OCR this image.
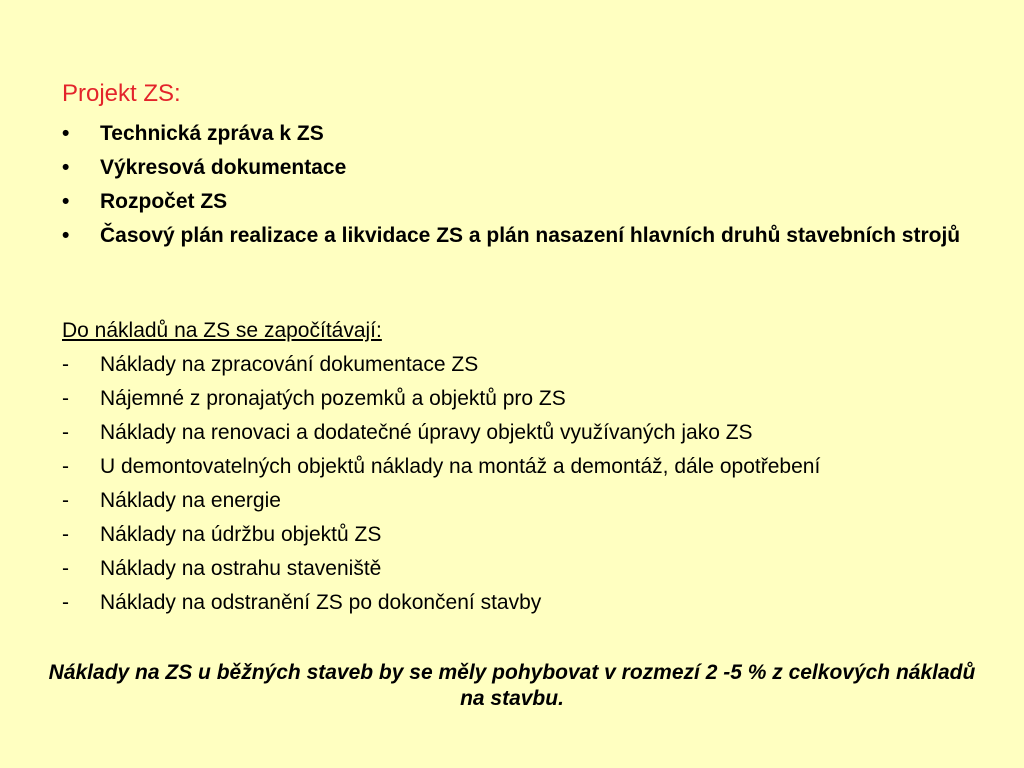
Projekt ZS:
•	Technická zpráva k ZS
•	Výkresová dokumentace
•	Rozpočet ZS
•	Časový plán realizace a likvidace ZS a plán nasazení hlavních druhů stavebních strojů
Do nákladů na ZS se započítávají:
-	Náklady na zpracování dokumentace ZS
-	Nájemné z pronajatých pozemků a objektů pro ZS
-	Náklady na renovaci a dodatečné úpravy objektů využívaných jako ZS
-	U demontovatelných objektů náklady na montáž a demontáž, dále opotřebení
-	Náklady na energie
-	Náklady na údržbu objektů ZS
-	Náklady na ostrahu staveniště
-	Náklady na odstranění ZS po dokončení stavby
Náklady na ZS u běžných staveb by se měly pohybovat v rozmezí 2 -5 % z celkových nákladů na stavbu.
